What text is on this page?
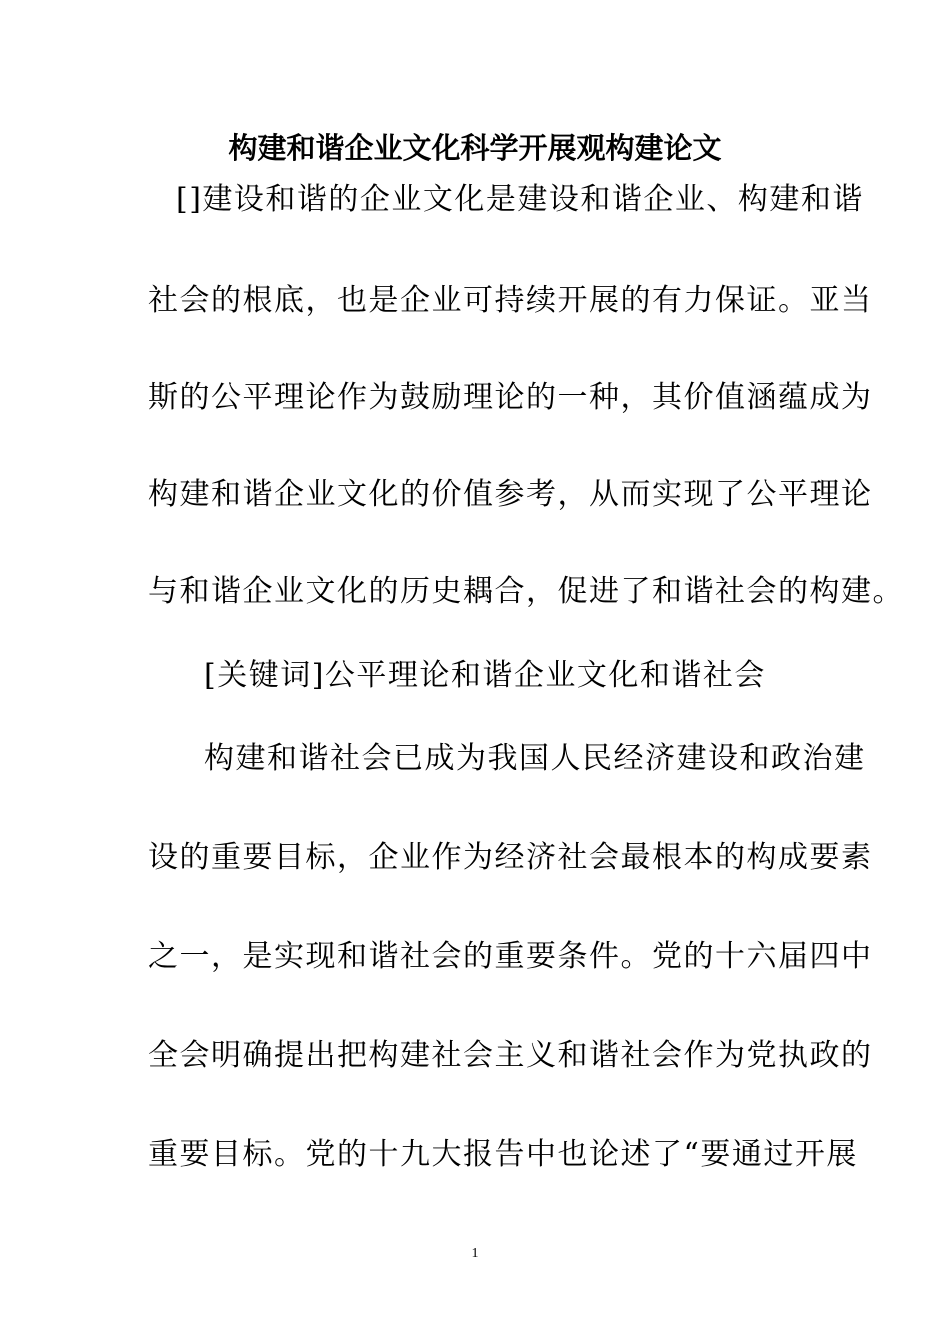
构建和谐企业文化科学开展观构建论文
[]建设和谐的企业文化是建设和谐企业、构建和谐
社会的根底，也是企业可持续开展的有力保证。亚当
斯的公平理论作为鼓励理论的一种，其价值涵蕴成为
构建和谐企业文化的价值参考，从而实现了公平理论
与和谐企业文化的历史耦合，促进了和谐社会的构建。
[关键词]公平理论和谐企业文化和谐社会
构建和谐社会已成为我国人民经济建设和政治建
设的重要目标，企业作为经济社会最根本的构成要素
之一，是实现和谐社会的重要条件。党的十六届四中
全会明确提出把构建社会主义和谐社会作为党执政的
重要目标。党的十九大报告中也论述了“要通过开展
1
